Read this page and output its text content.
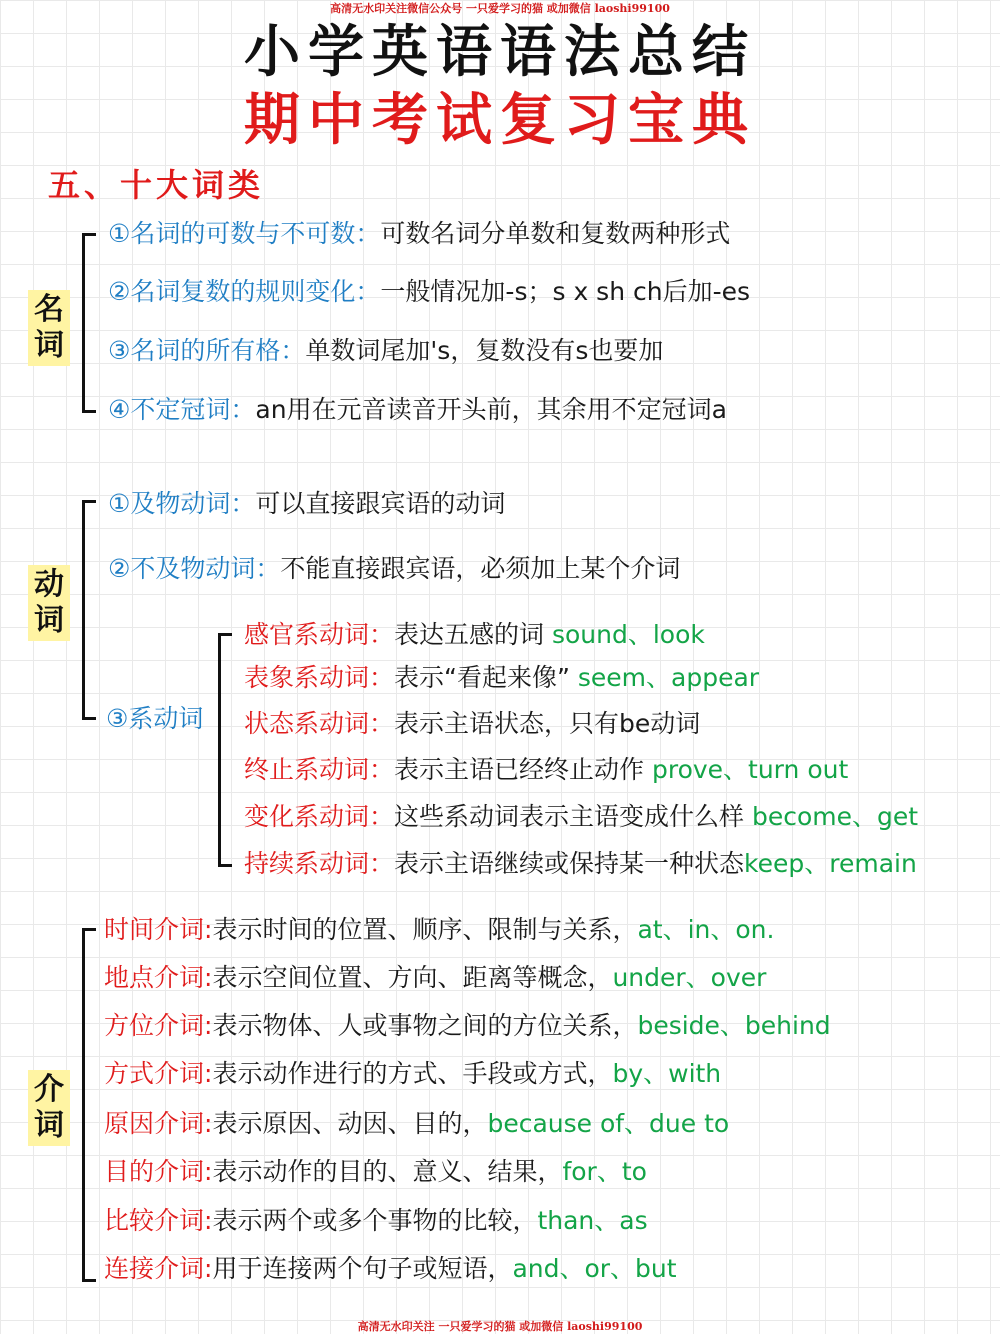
高清无水印关注微信公众号 一只爱学习的猫 或加微信 laoshi99100
小学英语语法总结
期中考试复习宝典
五、十大词类
名
词
①名词的可数与不可数：可数名词分单数和复数两种形式
②名词复数的规则变化：一般情况加-s；s x sh ch后加-es
③名词的所有格：单数词尾加's，复数没有s也要加
④不定冠词：an用在元音读音开头前，其余用不定冠词a
动
词
①及物动词：可以直接跟宾语的动词
②不及物动词：不能直接跟宾语，必须加上某个介词
③系动词
感官系动词：表达五感的词 sound、look
表象系动词：表示“看起来像” seem、appear
状态系动词：表示主语状态，只有be动词
终止系动词：表示主语已经终止动作 prove、turn out
变化系动词：这些系动词表示主语变成什么样 become、get
持续系动词：表示主语继续或保持某一种状态keep、remain
介
词
时间介词:表示时间的位置、顺序、限制与关系，at、in、on.
地点介词:表示空间位置、方向、距离等概念，under、over
方位介词:表示物体、人或事物之间的方位关系，beside、behind
方式介词:表示动作进行的方式、手段或方式，by、with
原因介词:表示原因、动因、目的，because of、due to
目的介词:表示动作的目的、意义、结果，for、to
比较介词:表示两个或多个事物的比较，than、as
连接介词:用于连接两个句子或短语，and、or、but
高清无水印关注 一只爱学习的猫 或加微信 laoshi99100
